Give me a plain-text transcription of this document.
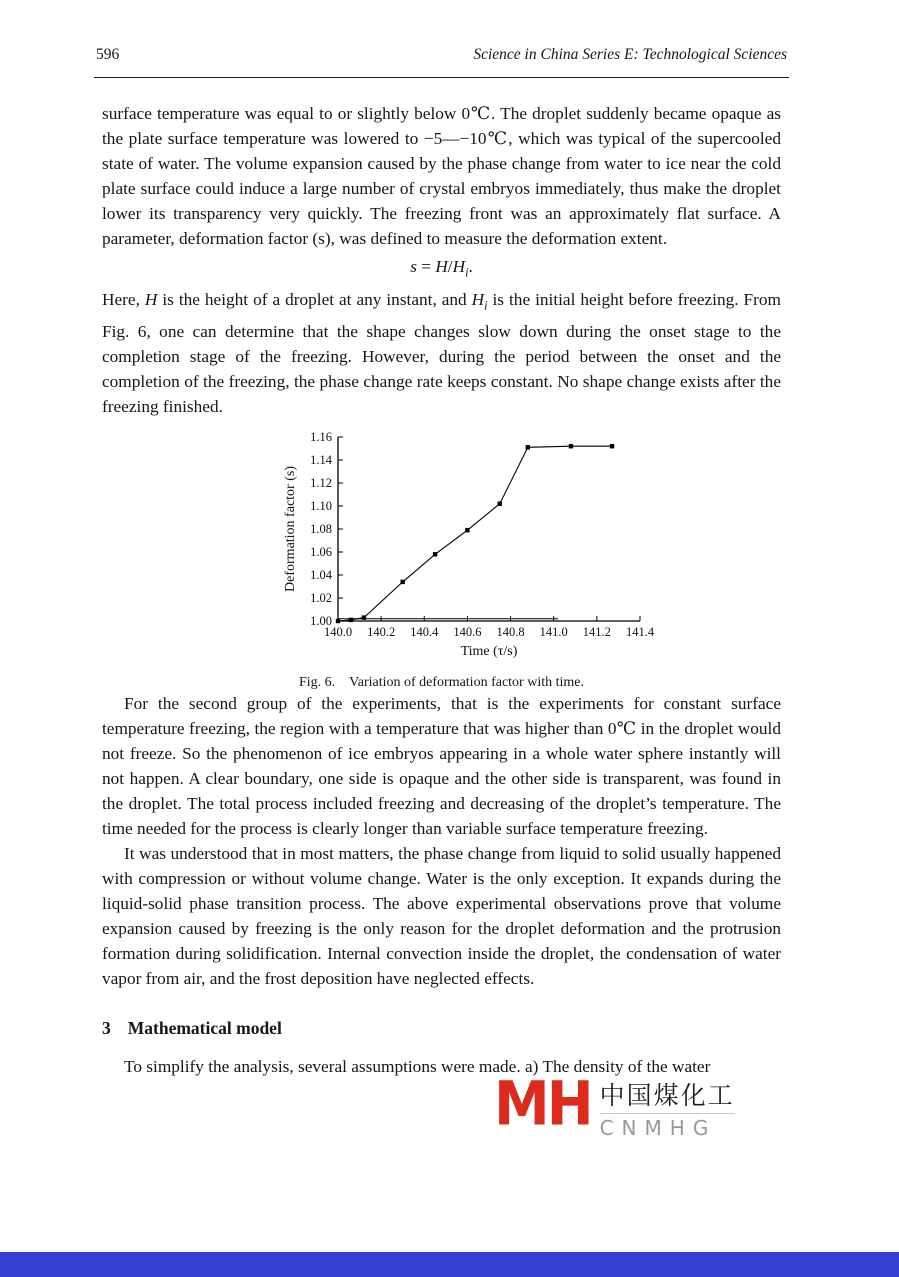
596	Science in China Series E: Technological Sciences

surface temperature was equal to or slightly below 0℃. The droplet suddenly became opaque as the plate surface temperature was lowered to −5—−10℃, which was typical of the supercooled state of water. The volume expansion caused by the phase change from water to ice near the cold plate surface could induce a large number of crystal embryos immediately, thus make the droplet lower its transparency very quickly. The freezing front was an approximately flat surface. A parameter, deformation factor (s), was defined to measure the deformation extent.

$s = H/H_i$.

Here, H is the height of a droplet at any instant, and $H_i$ is the initial height before freezing. From Fig. 6, one can determine that the shape changes slow down during the onset stage to the completion stage of the freezing. However, during the period between the onset and the completion of the freezing, the phase change rate keeps constant. No shape change exists after the freezing finished.

140.0 140.2 140.4 140.6 140.8 141.0 141.2 141.4
1.00
1.02
1.04
1.06
1.08
1.10
1.12
1.14
1.16
Time (τ/s)
Deformation factor (s)
Fig. 6. Variation of deformation factor with time.

For the second group of the experiments, that is the experiments for constant surface temperature freezing, the region with a temperature that was higher than 0℃ in the droplet would not freeze. So the phenomenon of ice embryos appearing in a whole water sphere instantly will not happen. A clear boundary, one side is opaque and the other side is transparent, was found in the droplet. The total process included freezing and decreasing of the droplet’s temperature. The time needed for the process is clearly longer than variable surface temperature freezing.

It was understood that in most matters, the phase change from liquid to solid usually happened with compression or without volume change. Water is the only exception. It expands during the liquid-solid phase transition process. The above experimental observations prove that volume expansion caused by freezing is the only reason for the droplet deformation and the protrusion formation during solidification. Internal convection inside the droplet, the condensation of water vapor from air, and the frost deposition have neglected effects.

3 Mathematical model

To simplify the analysis, several assumptions were made. a) The density of the water

MH 中国煤化工
CNMHG
